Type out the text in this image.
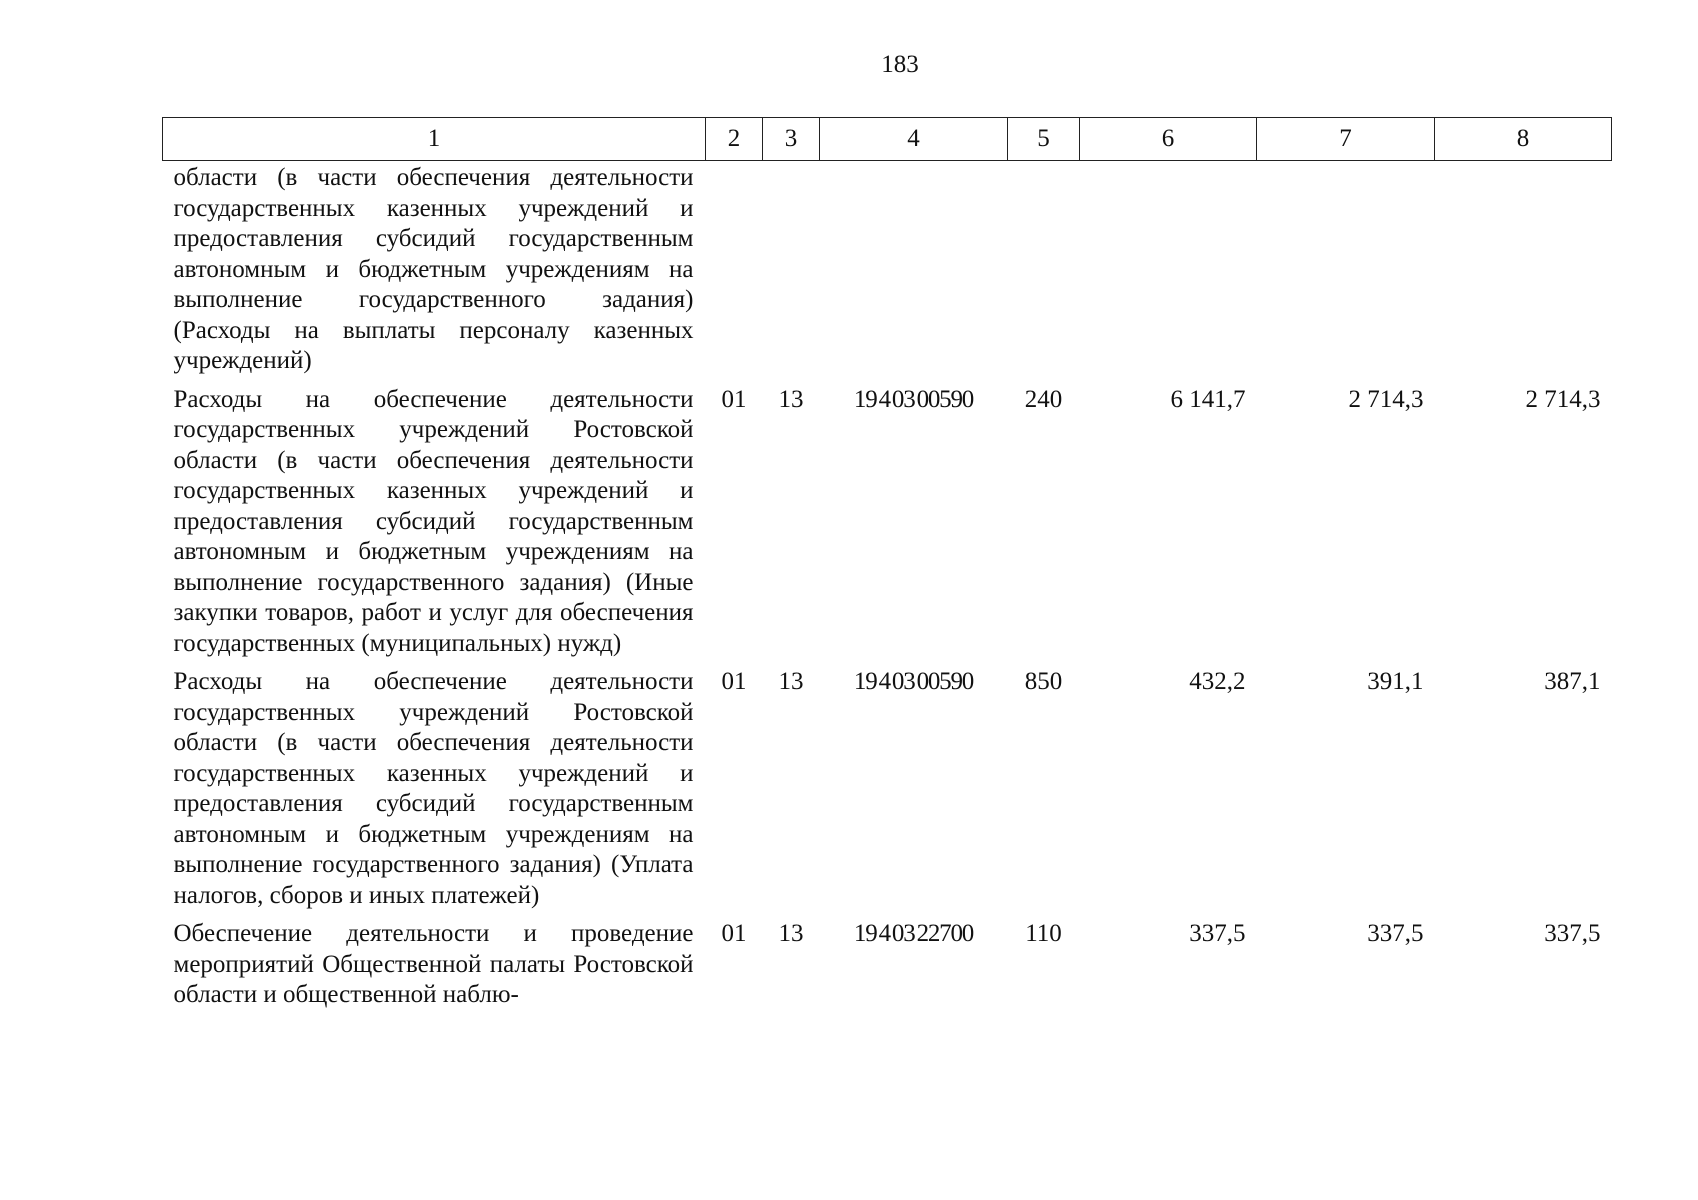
183
1	2	3	4	5	6	7	8
области (в части обеспечения деятельности государственных казенных учреждений и предоставления субсидий государственным автономным и бюджетным учреждениям на выполнение государственного задания) (Расходы на выплаты персоналу казенных учреждений)							
Расходы на обеспечение деятельности государственных учреждений Ростовской области (в части обеспечения деятельности государственных казенных учреждений и предоставления субсидий государственным автономным и бюджетным учреждениям на выполнение государственного задания) (Иные закупки товаров, работ и услуг для обеспечения государственных (муниципальных) нужд)	01	13	19 4 03 00590	240	6 141,7	2 714,3	2 714,3
Расходы на обеспечение деятельности государственных учреждений Ростовской области (в части обеспечения деятельности государственных казенных учреждений и предоставления субсидий государственным автономным и бюджетным учреждениям на выполнение государственного задания) (Уплата налогов, сборов и иных платежей)	01	13	19 4 03 00590	850	432,2	391,1	387,1
Обеспечение деятельности и проведение мероприятий Общественной палаты Ростовской области и общественной наблю-	01	13	19 4 03 22700	110	337,5	337,5	337,5
